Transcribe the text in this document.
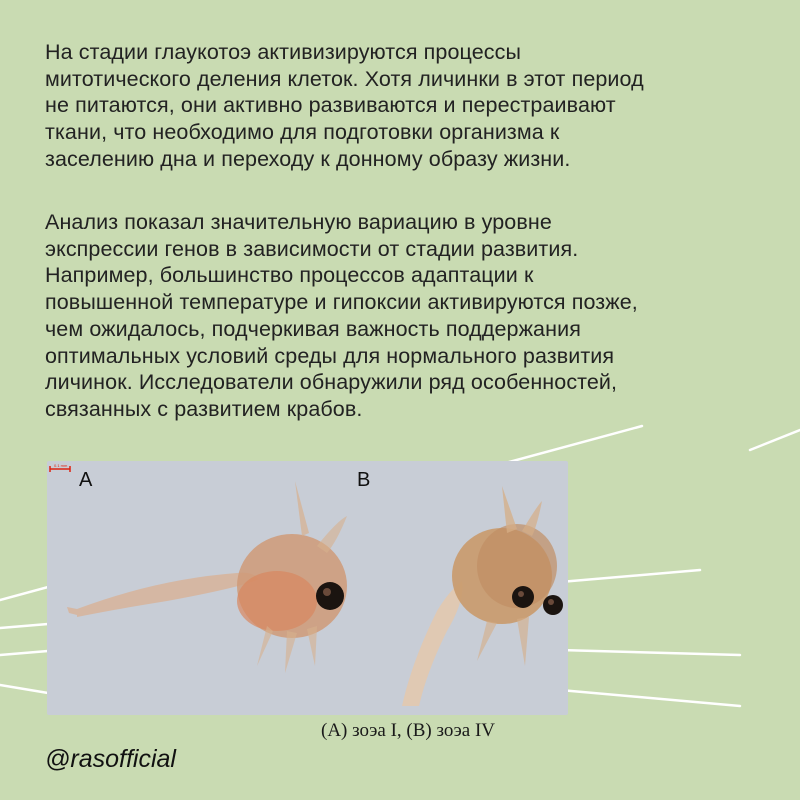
На стадии глаукотоэ активизируются процессы
митотического деления клеток. Хотя личинки в этот период
не питаются, они активно развиваются и перестраивают
ткани, что необходимо для подготовки организма к
заселению дна и переходу к донному образу жизни.

Анализ показал значительную вариацию в уровне
экспрессии генов в зависимости от стадии развития.
Например, большинство процессов адаптации к
повышенной температуре и гипоксии активируются позже,
чем ожидалось, подчеркивая важность поддержания
оптимальных условий среды для нормального развития
личинок. Исследователи обнаружили ряд особенностей,
связанных с развитием крабов.

0.1 mm
A	B
(A) зоэа I, (B) зоэа IV
@rasofficial
